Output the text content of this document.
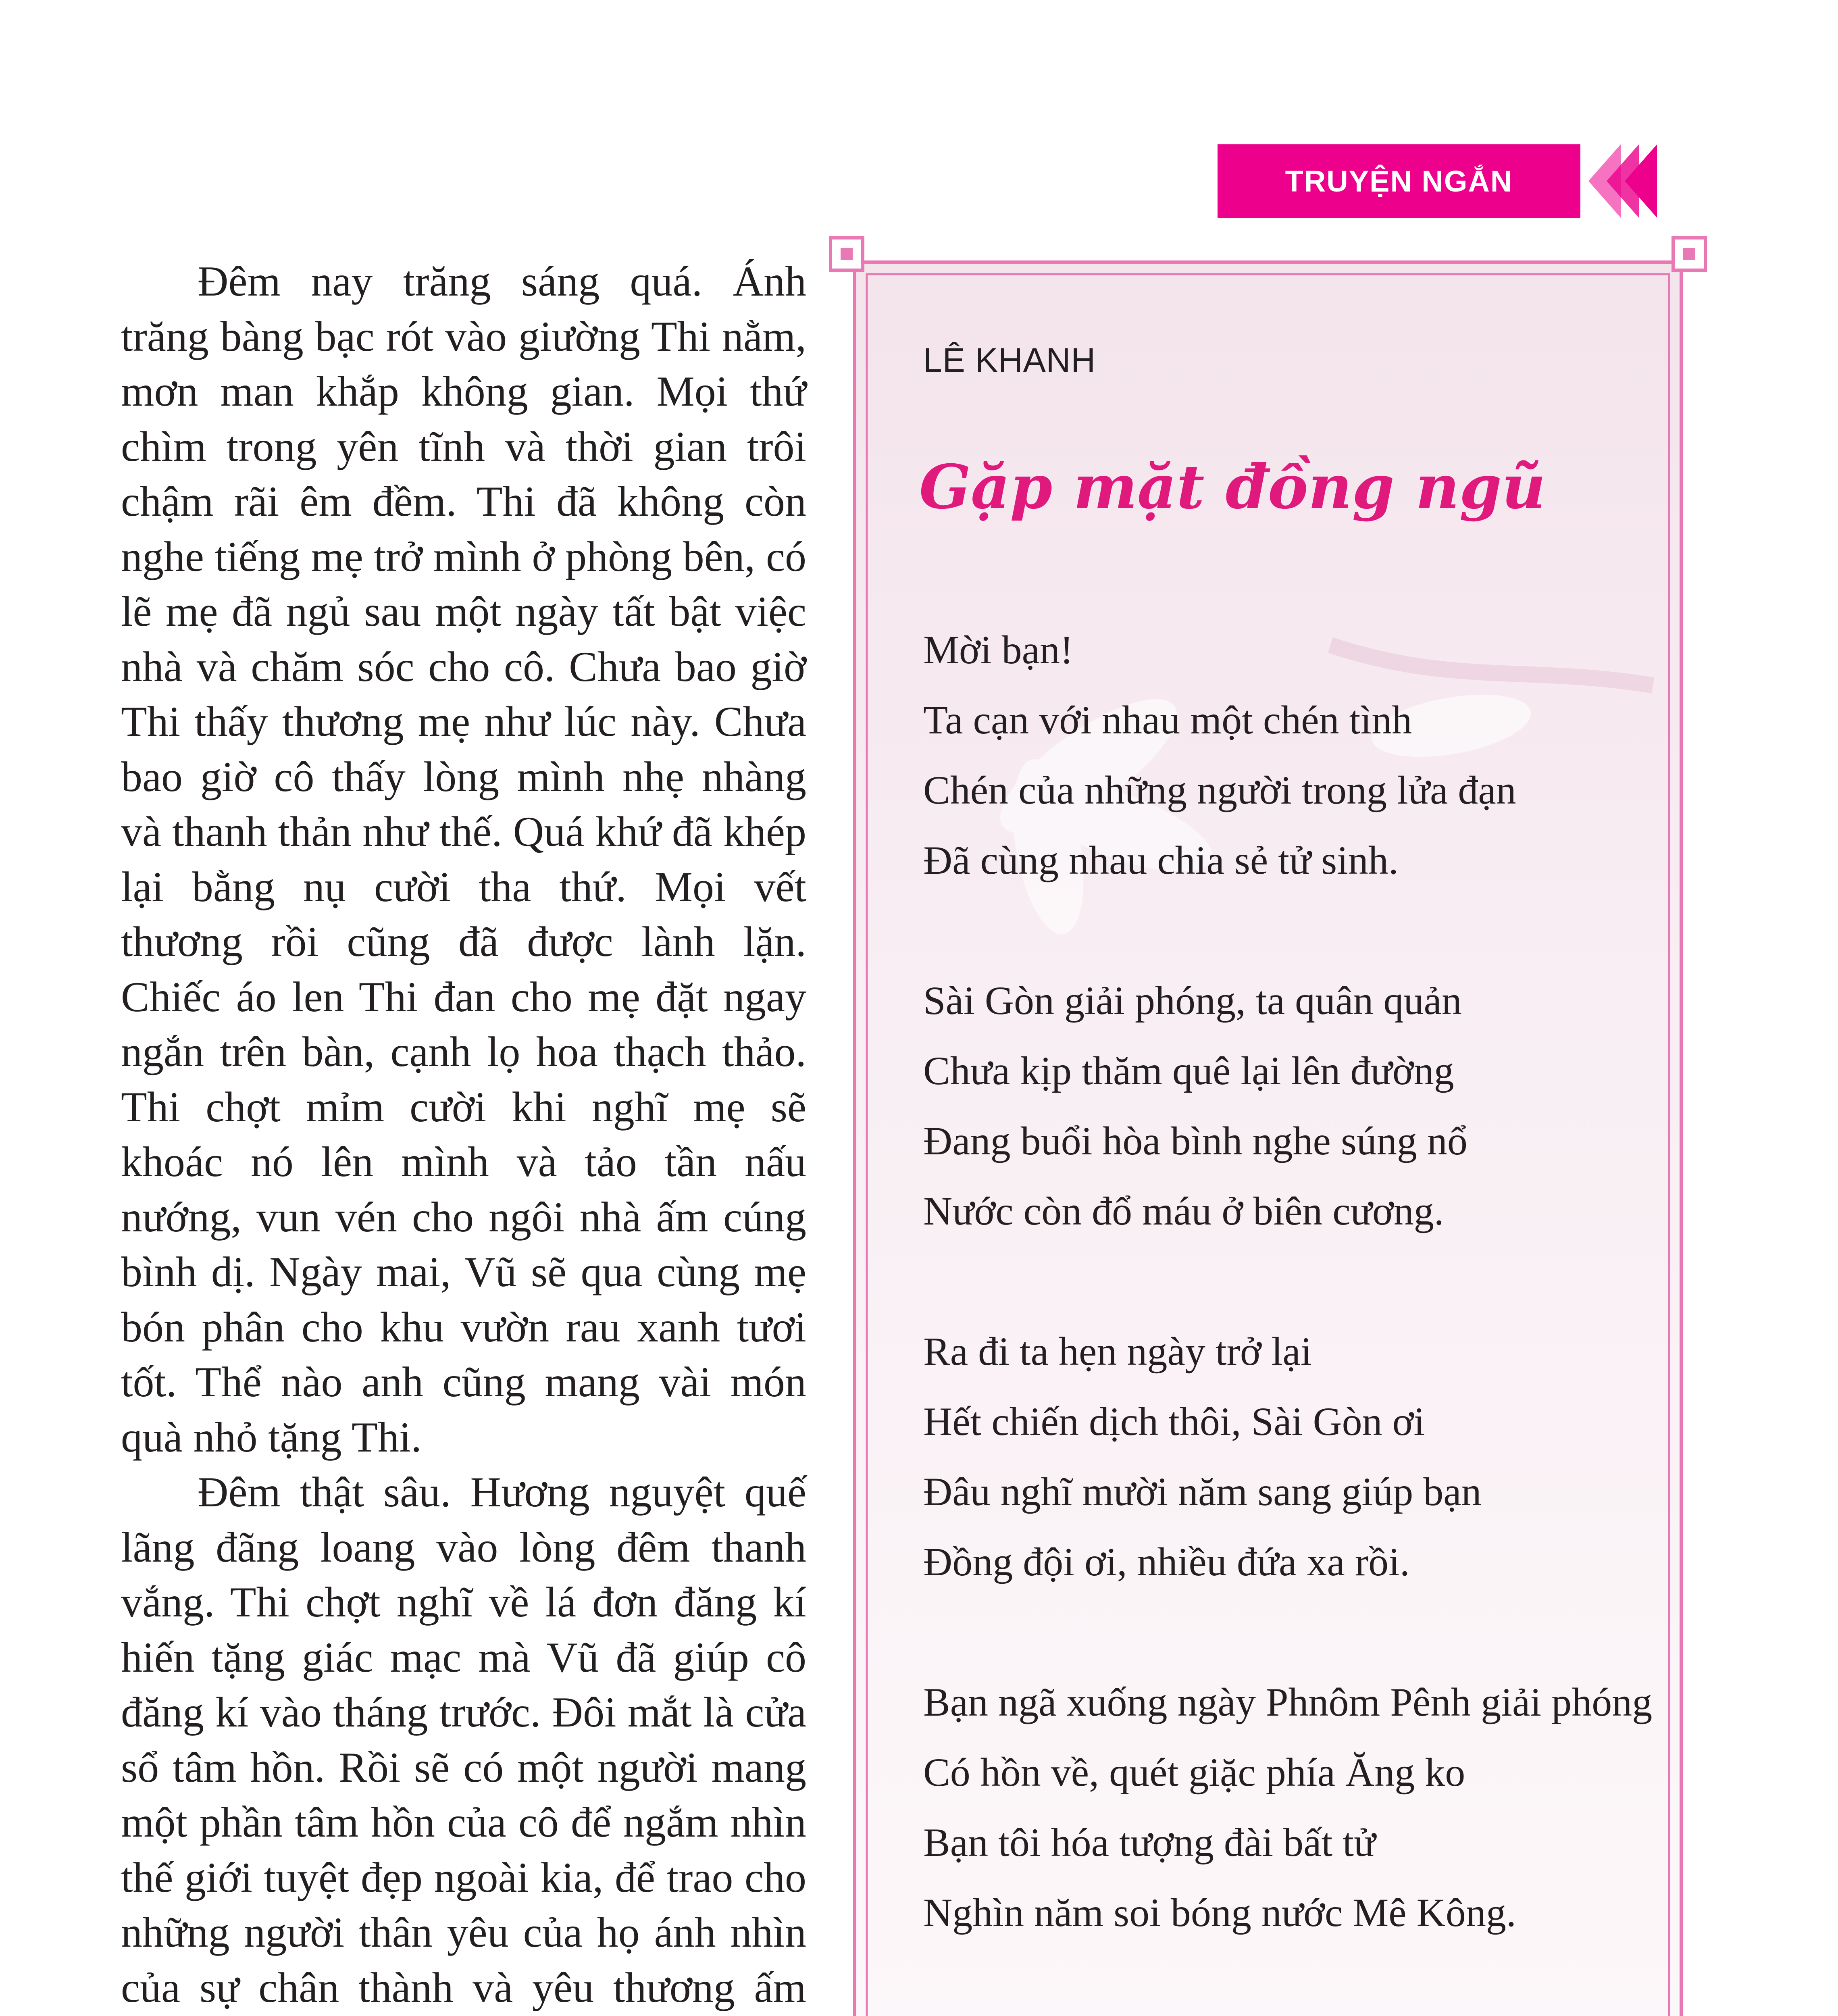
TRUYỆN NGẮN

Đêm nay trăng sáng quá. Ánh trăng bàng bạc rót vào giường Thi nằm, mơn man khắp không gian. Mọi thứ chìm trong yên tĩnh và thời gian trôi chậm rãi êm đềm. Thi đã không còn nghe tiếng mẹ trở mình ở phòng bên, có lẽ mẹ đã ngủ sau một ngày tất bật việc nhà và chăm sóc cho cô. Chưa bao giờ Thi thấy thương mẹ như lúc này. Chưa bao giờ cô thấy lòng mình nhẹ nhàng và thanh thản như thế. Quá khứ đã khép lại bằng nụ cười tha thứ. Mọi vết thương rồi cũng đã được lành lặn. Chiếc áo len Thi đan cho mẹ đặt ngay ngắn trên bàn, cạnh lọ hoa thạch thảo. Thi chợt mỉm cười khi nghĩ mẹ sẽ khoác nó lên mình và tảo tần nấu nướng, vun vén cho ngôi nhà ấm cúng bình dị. Ngày mai, Vũ sẽ qua cùng mẹ bón phân cho khu vườn rau xanh tươi tốt. Thể nào anh cũng mang vài món quà nhỏ tặng Thi.

Đêm thật sâu. Hương nguyệt quế lãng đãng loang vào lòng đêm thanh vắng. Thi chợt nghĩ về lá đơn đăng kí hiến tặng giác mạc mà Vũ đã giúp cô đăng kí vào tháng trước. Đôi mắt là cửa sổ tâm hồn. Rồi sẽ có một người mang một phần tâm hồn của cô để ngắm nhìn thế giới tuyệt đẹp ngoài kia, để trao cho những người thân yêu của họ ánh nhìn của sự chân thành và yêu thương ấm

LÊ KHANH
Gặp mặt đồng ngũ
Mời bạn!
Ta cạn với nhau một chén tình
Chén của những người trong lửa đạn
Đã cùng nhau chia sẻ tử sinh.
Sài Gòn giải phóng, ta quân quản
Chưa kịp thăm quê lại lên đường
Đang buổi hòa bình nghe súng nổ
Nước còn đổ máu ở biên cương.
Ra đi ta hẹn ngày trở lại
Hết chiến dịch thôi, Sài Gòn ơi
Đâu nghĩ mười năm sang giúp bạn
Đồng đội ơi, nhiều đứa xa rồi.
Bạn ngã xuống ngày Phnôm Pênh giải phóng
Có hồn về, quét giặc phía Ăng ko
Bạn tôi hóa tượng đài bất tử
Nghìn năm soi bóng nước Mê Kông.
